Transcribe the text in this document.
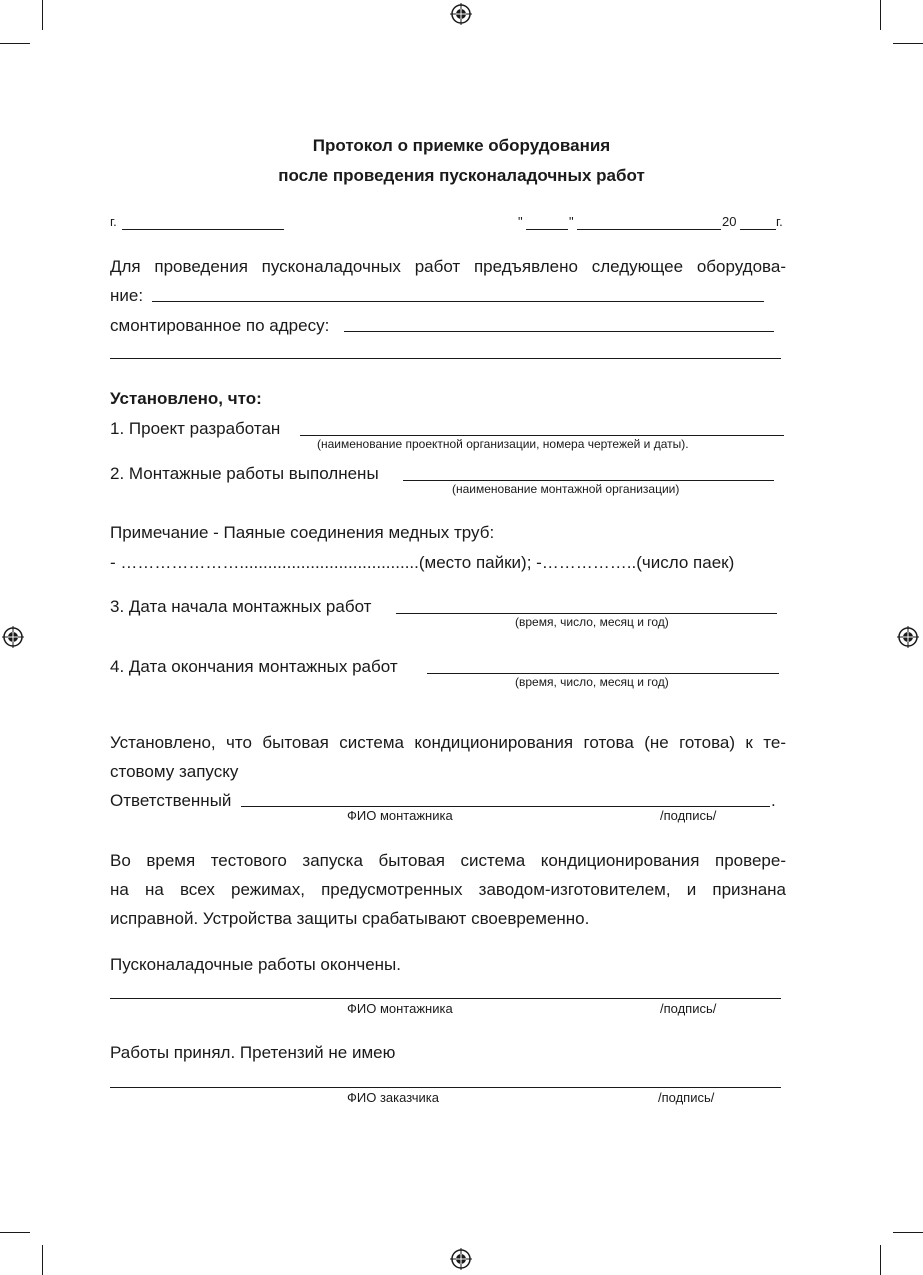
Протокол о приемке оборудования
после проведения пусконаладочных работ
г.	"	"	20	г.
Для проведения пусконаладочных работ предъявлено следующее оборудова-
ние:
смонтированное по адресу:
Установлено, что:
1. Проект разработан
(наименование проектной организации, номера чертежей и даты).
2. Монтажные работы выполнены
(наименование монтажной организации)
Примечание - Паяные соединения медных труб:
- …………………......................................(место пайки); -……………..(число паек)
3. Дата начала монтажных работ
(время, число, месяц и год)
4. Дата окончания монтажных работ
(время, число, месяц и год)
Установлено, что бытовая система кондиционирования готова (не готова) к те-
стовому запуску
Ответственный	.
ФИО монтажника	/подпись/
Во время тестового запуска бытовая система кондиционирования провере-
на на всех режимах, предусмотренных заводом-изготовителем, и признана
исправной. Устройства защиты срабатывают своевременно.
Пусконаладочные работы окончены.
ФИО монтажника	/подпись/
Работы принял. Претензий не имею
ФИО заказчика	/подпись/
